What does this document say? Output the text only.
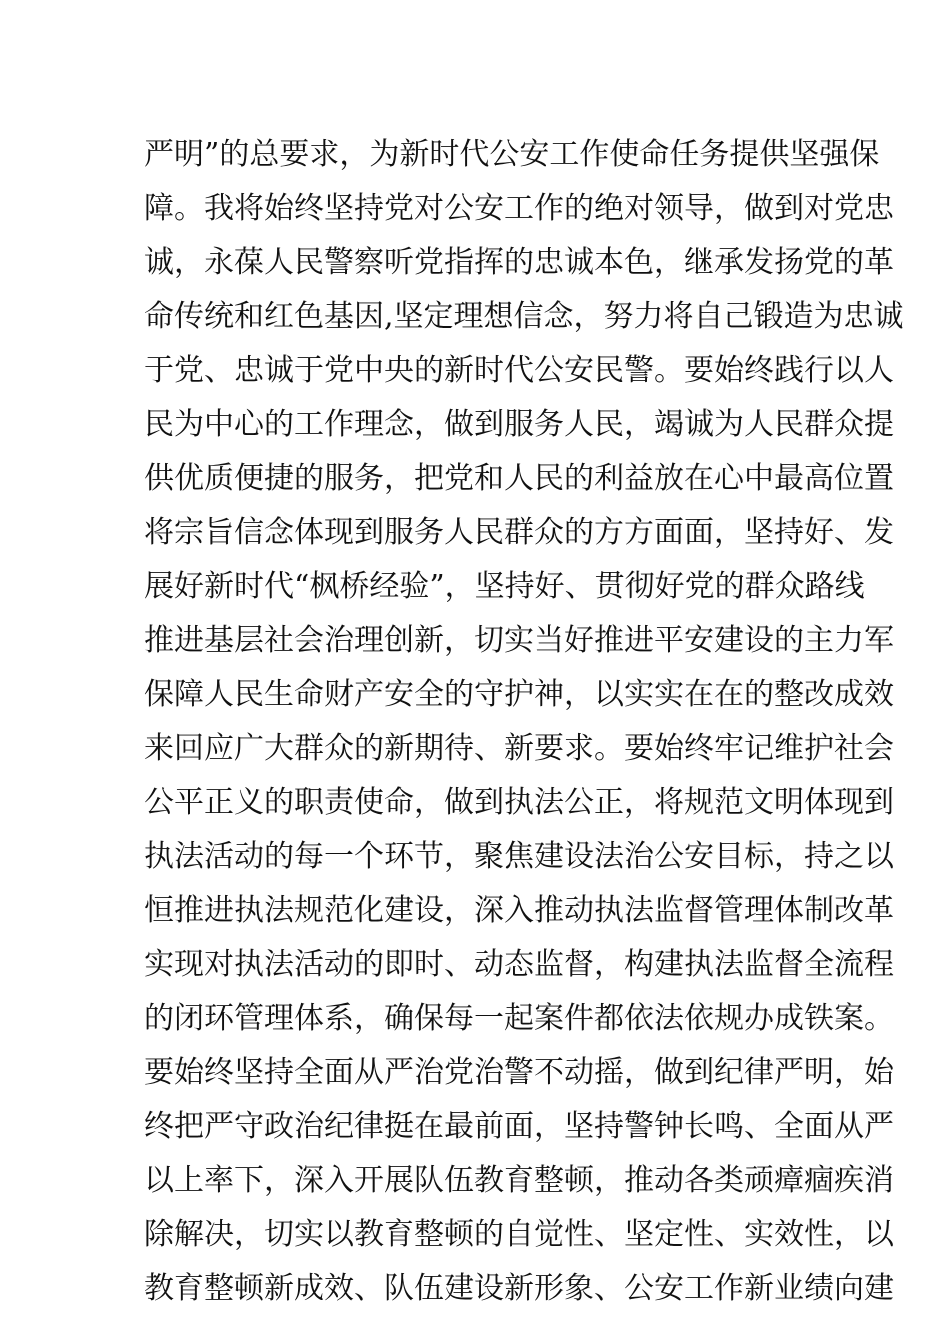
严明”的总要求，为新时代公安工作使命任务提供坚强保
障。我将始终坚持党对公安工作的绝对领导，做到对党忠
诚，永葆人民警察听党指挥的忠诚本色，继承发扬党的革
命传统和红色基因,坚定理想信念，努力将自己锻造为忠诚
于党、忠诚于党中央的新时代公安民警。要始终践行以人
民为中心的工作理念，做到服务人民，竭诚为人民群众提
供优质便捷的服务，把党和人民的利益放在心中最高位置
将宗旨信念体现到服务人民群众的方方面面，坚持好、发
展好新时代“枫桥经验”，坚持好、贯彻好党的群众路线
推进基层社会治理创新，切实当好推进平安建设的主力军
保障人民生命财产安全的守护神，以实实在在的整改成效
来回应广大群众的新期待、新要求。要始终牢记维护社会
公平正义的职责使命，做到执法公正，将规范文明体现到
执法活动的每一个环节，聚焦建设法治公安目标，持之以
恒推进执法规范化建设，深入推动执法监督管理体制改革
实现对执法活动的即时、动态监督，构建执法监督全流程
的闭环管理体系，确保每一起案件都依法依规办成铁案。
要始终坚持全面从严治党治警不动摇，做到纪律严明，始
终把严守政治纪律挺在最前面，坚持警钟长鸣、全面从严
以上率下，深入开展队伍教育整顿，推动各类顽瘴痼疾消
除解决，切实以教育整顿的自觉性、坚定性、实效性，以
教育整顿新成效、队伍建设新形象、公安工作新业绩向建
